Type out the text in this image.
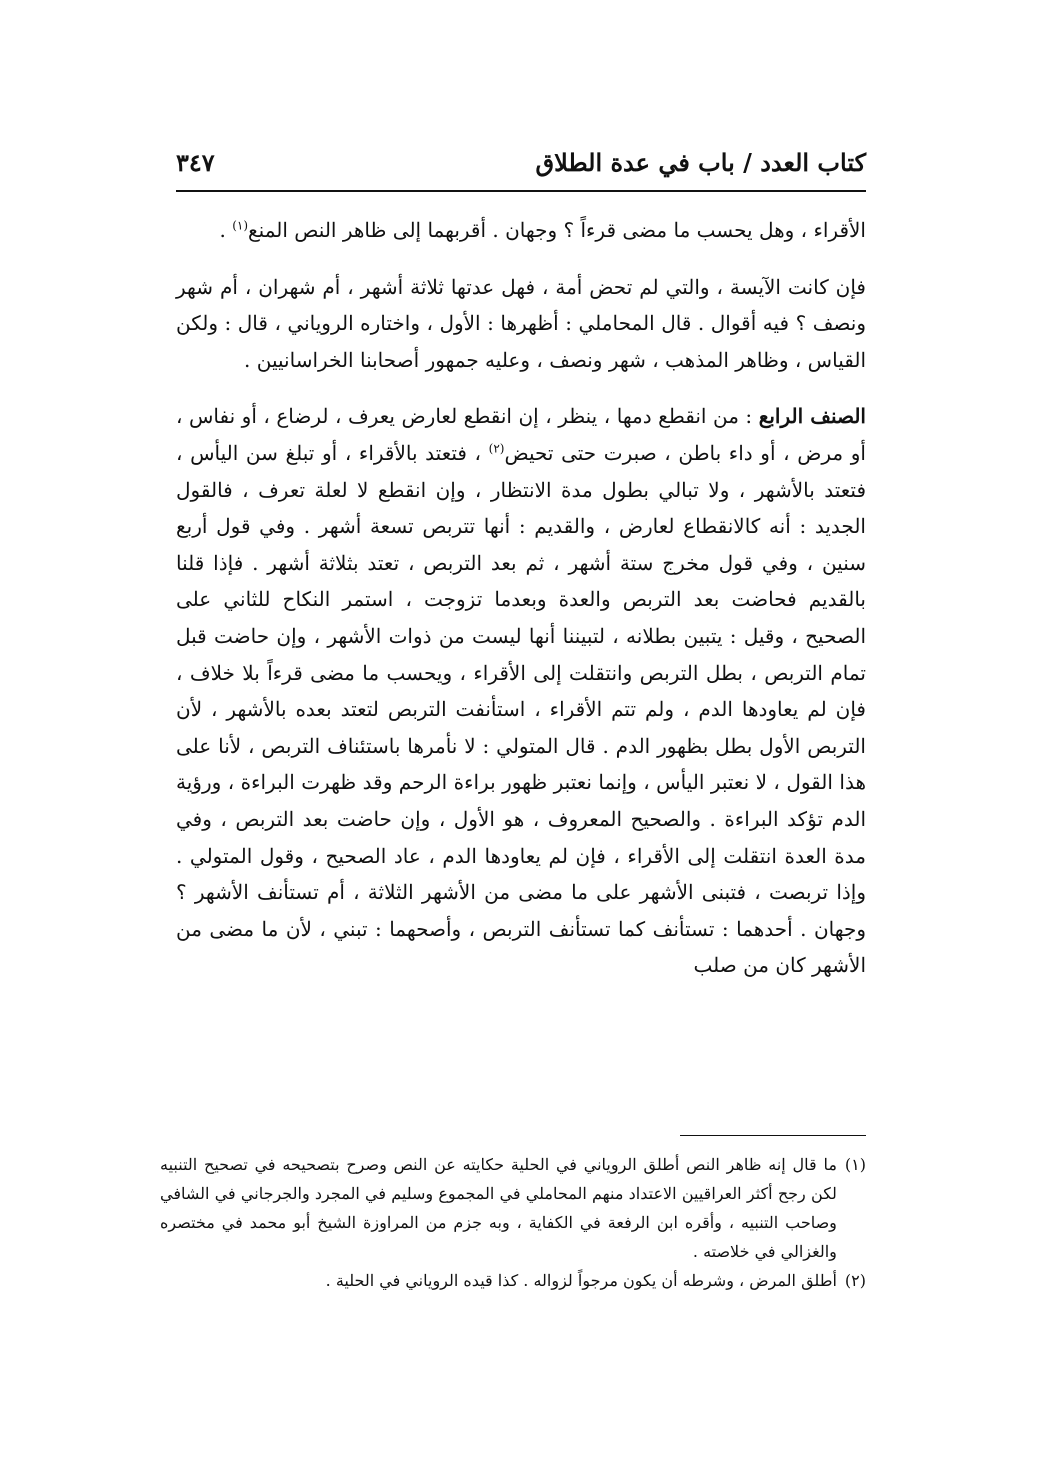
كتاب العدد / باب في عدة الطلاق
٣٤٧

الأقراء ، وهل يحسب ما مضى قرءاً ؟ وجهان . أقربهما إلى ظاهر النص المنع$^{(١)}$ .

فإن كانت الآيسة ، والتي لم تحض أمة ، فهل عدتها ثلاثة أشهر ، أم شهران ، أم شهر ونصف ؟ فيه أقوال . قال المحاملي : أظهرها : الأول ، واختاره الروياني ، قال : ولكن القياس ، وظاهر المذهب ، شهر ونصف ، وعليه جمهور أصحابنا الخراسانيين .

الصنف الرابع : من انقطع دمها ، ينظر ، إن انقطع لعارض يعرف ، لرضاع ، أو نفاس ، أو مرض ، أو داء باطن ، صبرت حتى تحيض$^{(٢)}$ ، فتعتد بالأقراء ، أو تبلغ سن اليأس ، فتعتد بالأشهر ، ولا تبالي بطول مدة الانتظار ، وإن انقطع لا لعلة تعرف ، فالقول الجديد : أنه كالانقطاع لعارض ، والقديم : أنها تتربص تسعة أشهر . وفي قول أربع سنين ، وفي قول مخرج ستة أشهر ، ثم بعد التربص ، تعتد بثلاثة أشهر . فإذا قلنا بالقديم فحاضت بعد التربص والعدة وبعدما تزوجت ، استمر النكاح للثاني على الصحيح ، وقيل : يتبين بطلانه ، لتبيننا أنها ليست من ذوات الأشهر ، وإن حاضت قبل تمام التربص ، بطل التربص وانتقلت إلى الأقراء ، ويحسب ما مضى قرءاً بلا خلاف ، فإن لم يعاودها الدم ، ولم تتم الأقراء ، استأنفت التربص لتعتد بعده بالأشهر ، لأن التربص الأول بطل بظهور الدم . قال المتولي : لا نأمرها باستئناف التربص ، لأنا على هذا القول ، لا نعتبر اليأس ، وإنما نعتبر ظهور براءة الرحم وقد ظهرت البراءة ، ورؤية الدم تؤكد البراءة . والصحيح المعروف ، هو الأول ، وإن حاضت بعد التربص ، وفي مدة العدة انتقلت إلى الأقراء ، فإن لم يعاودها الدم ، عاد الصحيح ، وقول المتولي . وإذا تربصت ، فتبنى الأشهر على ما مضى من الأشهر الثلاثة ، أم تستأنف الأشهر ؟ وجهان . أحدهما : تستأنف كما تستأنف التربص ، وأصحهما : تبني ، لأن ما مضى من الأشهر كان من صلب

(١)
ما قال إنه ظاهر النص أطلق الروياني في الحلية حكايته عن النص وصرح بتصحيحه في تصحيح التنبيه لكن رجح أكثر العراقيين الاعتداد منهم المحاملي في المجموع وسليم في المجرد والجرجاني في الشافي وصاحب التنبيه ، وأقره ابن الرفعة في الكفاية ، وبه جزم من المراوزة الشيخ أبو محمد في مختصره والغزالي في خلاصته .
(٢)
أطلق المرض ، وشرطه أن يكون مرجواً لزواله . كذا قيده الروياني في الحلية .
